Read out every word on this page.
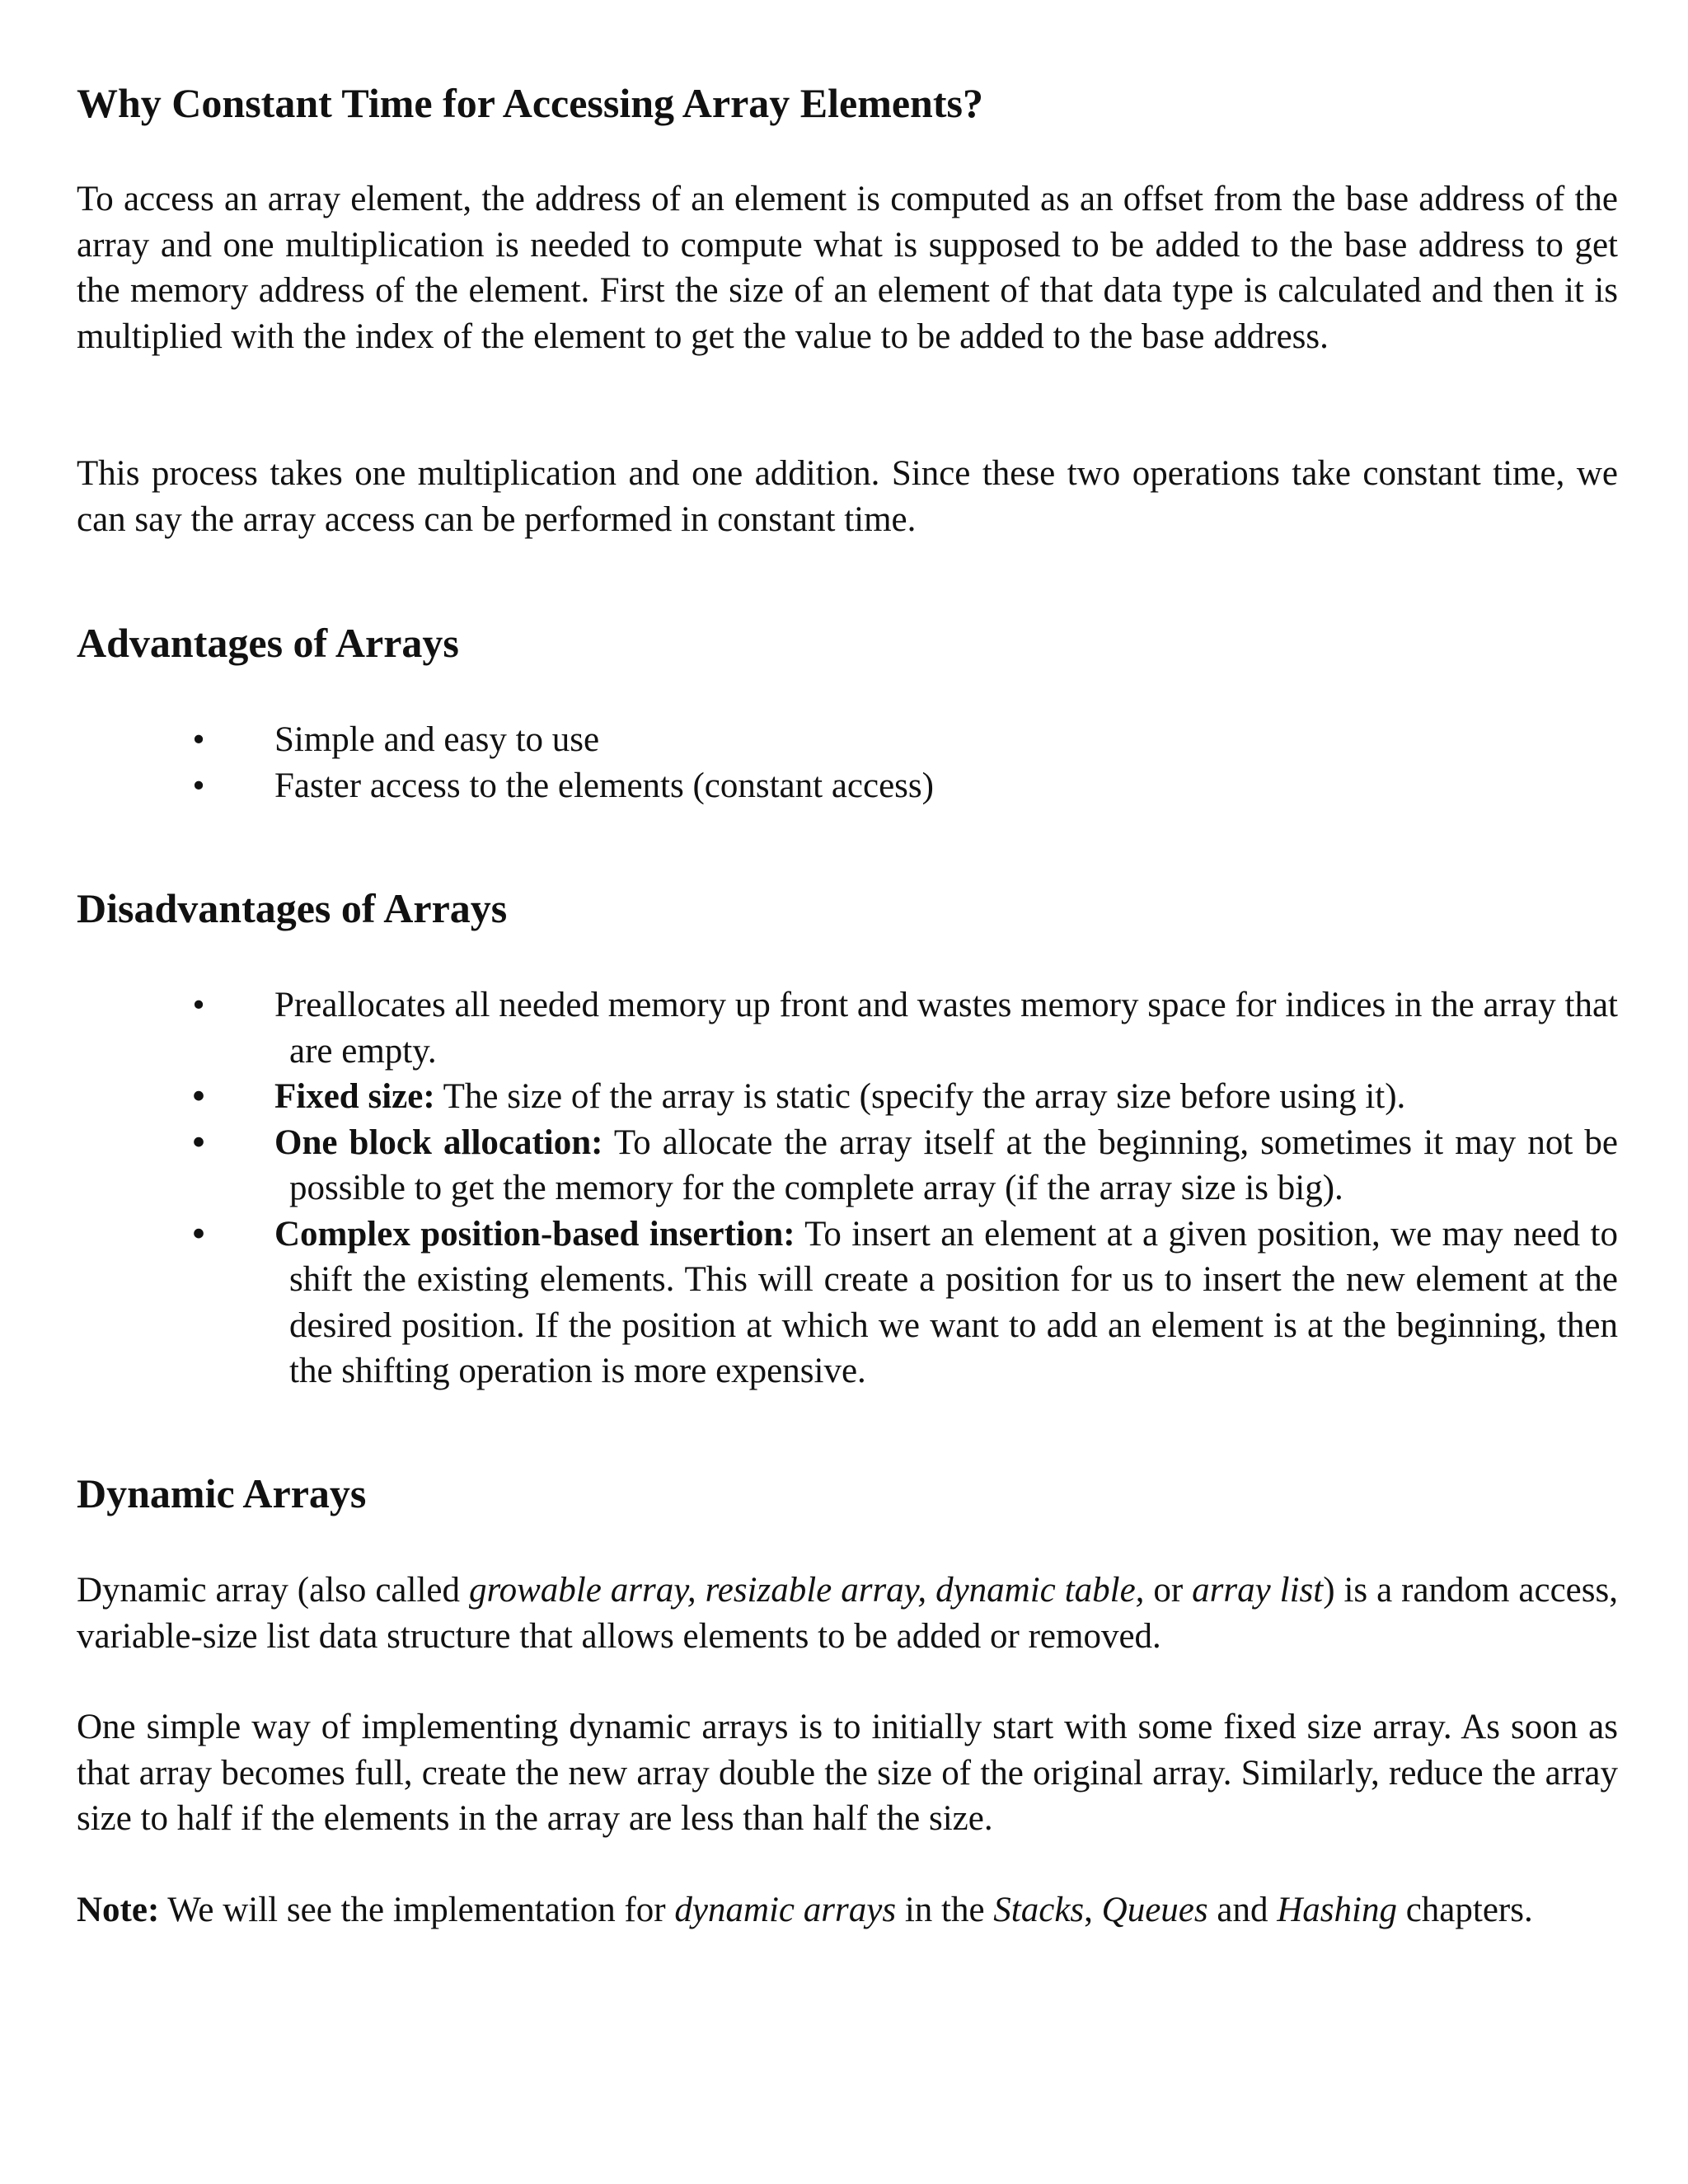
Why Constant Time for Accessing Array Elements?

To access an array element, the address of an element is computed as an offset from the base address of the array and one multiplication is needed to compute what is supposed to be added to the base address to get the memory address of the element. First the size of an element of that data type is calculated and then it is multiplied with the index of the element to get the value to be added to the base address.

This process takes one multiplication and one addition. Since these two operations take constant time, we can say the array access can be performed in constant time.

Advantages of Arrays
• Simple and easy to use
• Faster access to the elements (constant access)
Disadvantages of Arrays
• Preallocates all needed memory up front and wastes memory space for indices in the array that are empty.
• Fixed size: The size of the array is static (specify the array size before using it).
• One block allocation: To allocate the array itself at the beginning, sometimes it may not be possible to get the memory for the complete array (if the array size is big).
• Complex position-based insertion: To insert an element at a given position, we may need to shift the existing elements. This will create a position for us to insert the new element at the desired position. If the position at which we want to add an element is at the beginning, then the shifting operation is more expensive.
Dynamic Arrays

Dynamic array (also called growable array, resizable array, dynamic table, or array list) is a random access, variable-size list data structure that allows elements to be added or removed.

One simple way of implementing dynamic arrays is to initially start with some fixed size array. As soon as that array becomes full, create the new array double the size of the original array. Similarly, reduce the array size to half if the elements in the array are less than half the size.

Note: We will see the implementation for dynamic arrays in the Stacks, Queues and Hashing chapters.
